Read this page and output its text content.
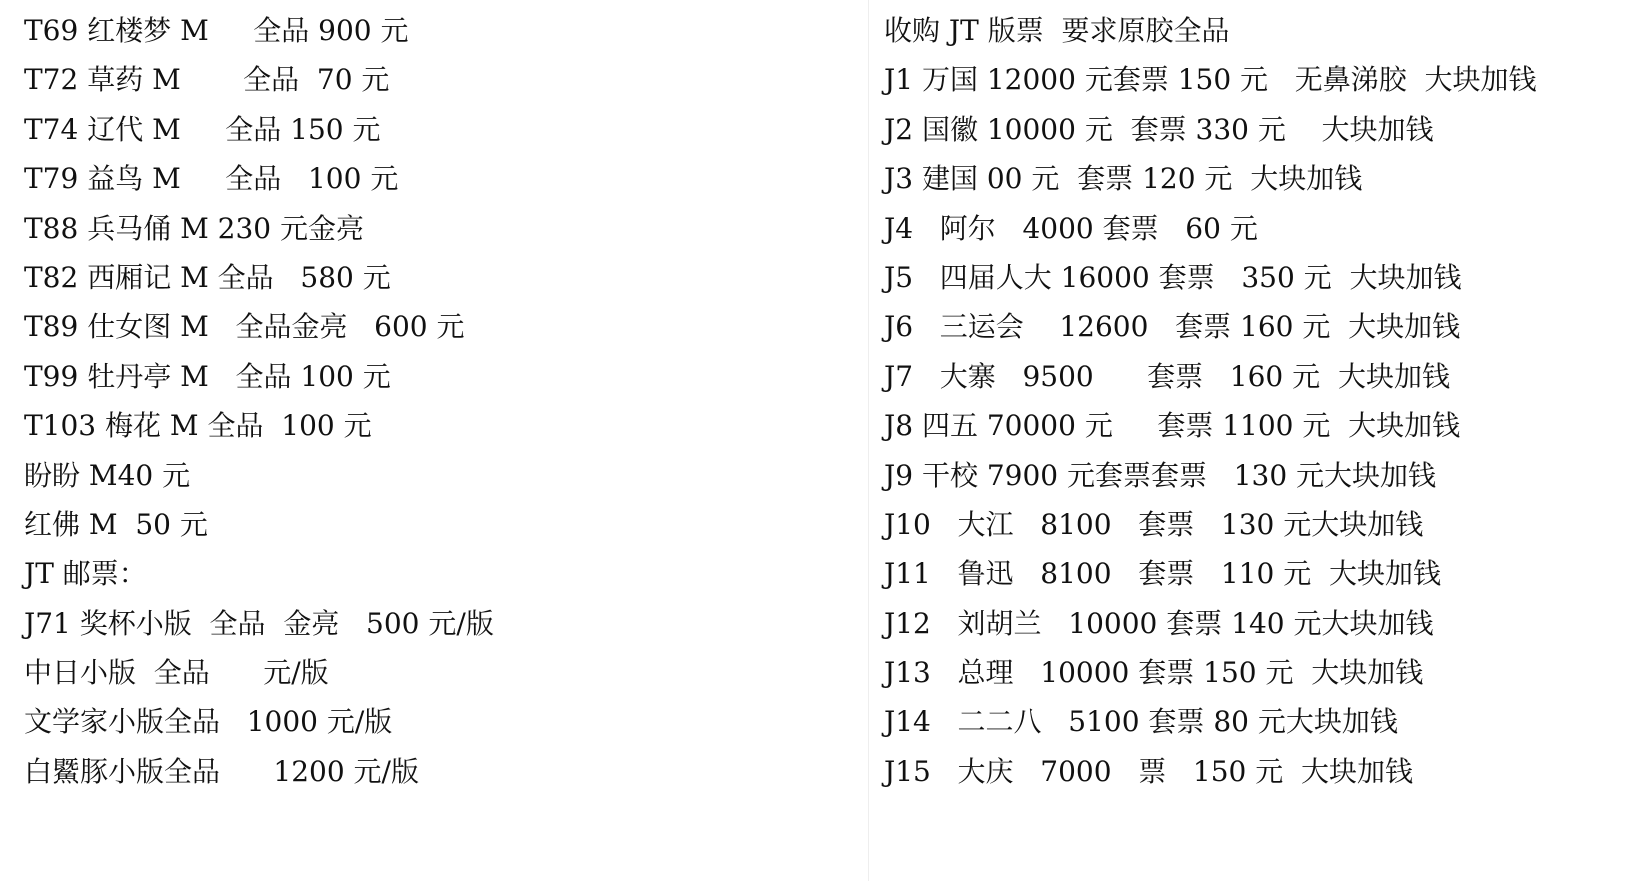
T69 红楼梦 M     全品 900 元
T72 草药 M       全品  70 元
T74 辽代 M     全品 150 元
T79 益鸟 M     全品   100 元
T88 兵马俑 M 230 元金亮
T82 西厢记 M 全品   580 元
T89 仕女图 M   全品金亮   600 元
T99 牡丹亭 M   全品 100 元
T103 梅花 M 全品  100 元
盼盼 M40 元
红佛 M  50 元
JT 邮票：
J71 奖杯小版  全品  金亮   500 元/版
中日小版  全品      元/版
文学家小版全品   1000 元/版
白鱀豚小版全品      1200 元/版
收购 JT 版票  要求原胶全品
J1 万国 12000 元套票 150 元   无鼻涕胶  大块加钱
J2 国徽 10000 元  套票 330 元    大块加钱
J3 建国 00 元  套票 120 元  大块加钱
J4   阿尔   4000 套票   60 元
J5   四届人大 16000 套票   350 元  大块加钱
J6   三运会    12600   套票 160 元  大块加钱
J7   大寨   9500      套票   160 元  大块加钱
J8 四五 70000 元     套票 1100 元  大块加钱
J9 干校 7900 元套票套票   130 元大块加钱
J10   大江   8100   套票   130 元大块加钱
J11   鲁迅   8100   套票   110 元  大块加钱
J12   刘胡兰   10000 套票 140 元大块加钱
J13   总理   10000 套票 150 元  大块加钱
J14   二二八   5100 套票 80 元大块加钱
J15   大庆   7000   票   150 元  大块加钱
